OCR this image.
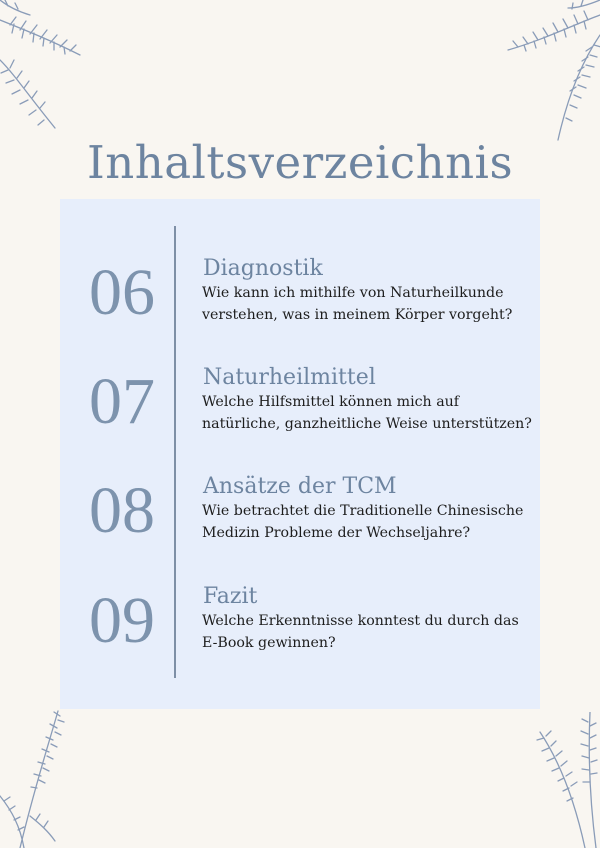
Inhaltsverzeichnis
06	Diagnostik
Wie kann ich mithilfe von Naturheilkunde
verstehen, was in meinem Körper vorgeht?
07	Naturheilmittel
Welche Hilfsmittel können mich auf
natürliche, ganzheitliche Weise unterstützen?
08	Ansätze der TCM
Wie betrachtet die Traditionelle Chinesische
Medizin Probleme der Wechseljahre?
09	Fazit
Welche Erkenntnisse konntest du durch das
E-Book gewinnen?
